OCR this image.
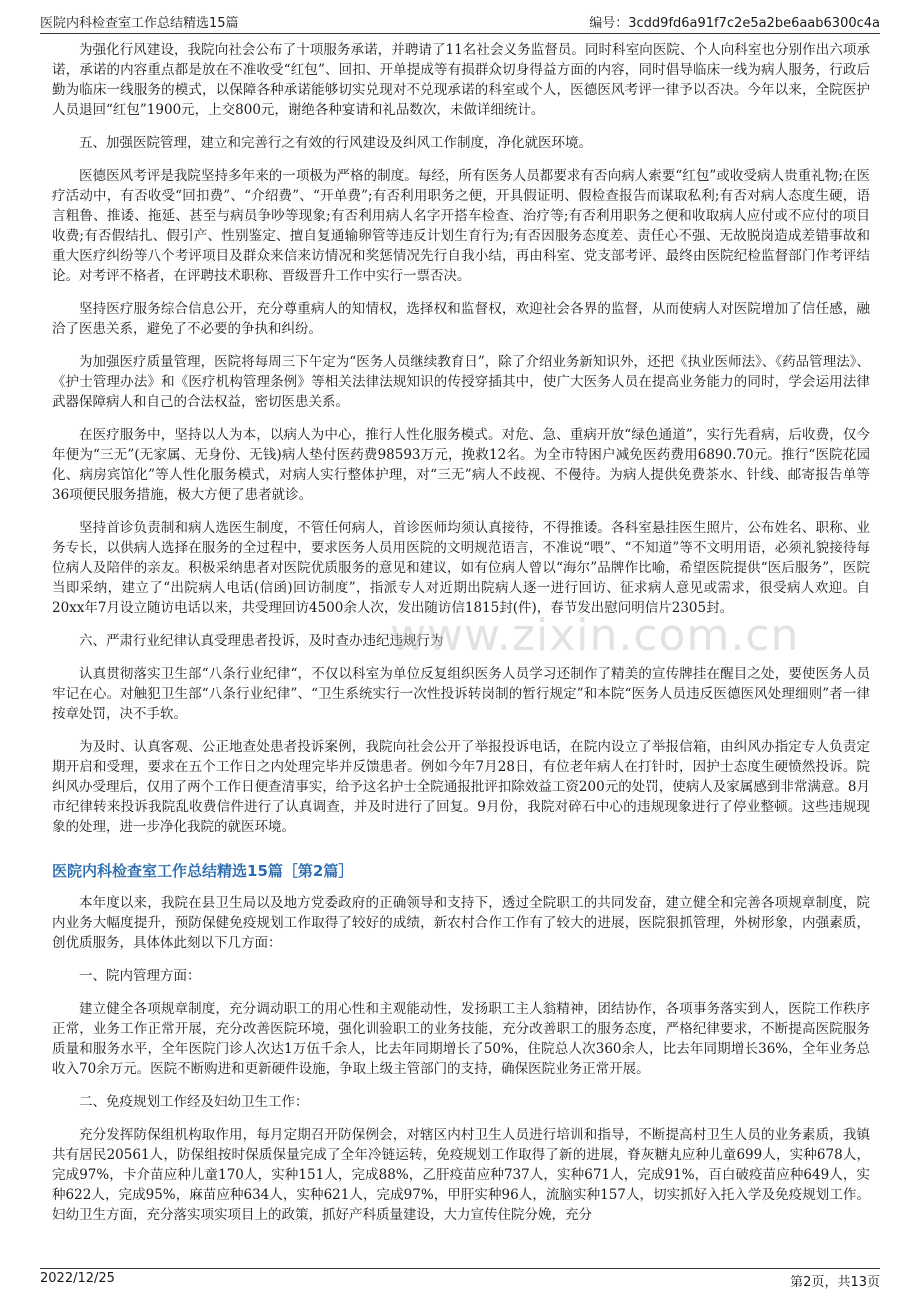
医院内科检查室工作总结精选15篇	编号：3cdd9fd6a91f7c2e5a2be6aab6300c4a

为强化行风建设，我院向社会公布了十项服务承诺，并聘请了11名社会义务监督员。同时科室向医院、个人向科室也分别作出六项承诺，承诺的内容重点都是放在不准收受“红包”、回扣、开单提成等有损群众切身得益方面的内容，同时倡导临床一线为病人服务，行政后勤为临床一线服务的模式，以保障各种承诺能够切实兑现对不兑现承诺的科室或个人，医德医风考评一律予以否决。今年以来，全院医护人员退回“红包”1900元，上交800元，谢绝各种宴请和礼品数次，未做详细统计。

五、加强医院管理，建立和完善行之有效的行风建设及纠风工作制度，净化就医环境。

医德医风考评是我院坚持多年来的一项极为严格的制度。每经，所有医务人员都要求有否向病人索要“红包”或收受病人贵重礼物;在医疗活动中，有否收受“回扣费”、“介绍费”、“开单费”;有否利用职务之便，开具假证明、假检查报告而谋取私利;有否对病人态度生硬，语言粗鲁、推诿、拖延、甚至与病员争吵等现象;有否利用病人名字开搭车检查、治疗等;有否利用职务之便和收取病人应付或不应付的项目收费;有否假结扎、假引产、性别鉴定、擅自复通输卵管等违反计划生育行为;有否因服务态度差、责任心不强、无故脱岗造成差错事故和重大医疗纠纷等八个考评项目及群众来信来访情况和奖惩情况先行自我小结，再由科室、党支部考评、最终由医院纪检监督部门作考评结论。对考评不格者，在评聘技术职称、晋级晋升工作中实行一票否决。

坚持医疗服务综合信息公开，充分尊重病人的知情权，选择权和监督权，欢迎社会各界的监督，从而使病人对医院增加了信任感，融洽了医患关系，避免了不必要的争执和纠纷。

为加强医疗质量管理，医院将每周三下午定为“医务人员继续教育日”，除了介绍业务新知识外，还把《执业医师法》、《药品管理法》、《护士管理办法》和《医疗机构管理条例》等相关法律法规知识的传授穿插其中，使广大医务人员在提高业务能力的同时，学会运用法律武器保障病人和自己的合法权益，密切医患关系。

在医疗服务中，坚持以人为本，以病人为中心，推行人性化服务模式。对危、急、重病开放“绿色通道”，实行先看病，后收费，仅今年便为“三无”(无家属、无身份、无钱)病人垫付医药费98593万元，挽救12名。为全市特困户减免医药费用6890.70元。推行“医院花园化、病房宾馆化”等人性化服务模式，对病人实行整体护理，对“三无”病人不歧视、不僈待。为病人提供免费茶水、针线、邮寄报告单等36项便民服务措施，极大方便了患者就诊。

坚持首诊负责制和病人选医生制度，不管任何病人，首诊医师均须认真接待，不得推诿。各科室悬挂医生照片，公布姓名、职称、业务专长，以供病人选择在服务的全过程中，要求医务人员用医院的文明规范语言，不准说“喂”、“不知道”等不文明用语，必须礼貌接待每位病人及陪伴的亲友。积极采纳患者对医院优质服务的意见和建议，如有位病人曾以“海尔”品牌作比喻，希望医院提供“医后服务”，医院当即采纳，建立了“出院病人电话(信函)回访制度”，指派专人对近期出院病人逐一进行回访、征求病人意见或需求，很受病人欢迎。自20xx年7月设立随访电话以来，共受理回访4500余人次，发出随访信1815封(件)，春节发出慰问明信片2305封。

六、严肃行业纪律认真受理患者投诉，及时查办违纪违规行为

认真贯彻落实卫生部“八条行业纪律“，不仅以科室为单位反复组织医务人员学习还制作了精美的宣传牌挂在醒目之处，要使医务人员牢记在心。对触犯卫生部“八条行业纪律”、“卫生系统实行一次性投诉转岗制的暂行规定”和本院“医务人员违反医德医风处理细则”者一律按章处罚，决不手软。

为及时、认真客观、公正地查处患者投诉案例，我院向社会公开了举报投诉电话，在院内设立了举报信箱，由纠风办指定专人负责定期开启和受理，要求在五个工作日之内处理完毕并反馈患者。例如今年7月28日，有位老年病人在打针时，因护士态度生硬愤然投诉。院纠风办受理后，仅用了两个工作日便查清事实，给予这名护士全院通报批评扣除效益工资200元的处罚，使病人及家属感到非常满意。8月市纪律转来投诉我院乱收费信件进行了认真调查，并及时进行了回复。9月份，我院对碎石中心的违规现象进行了停业整顿。这些违规现象的处理，进一步净化我院的就医环境。

医院内科检查室工作总结精选15篇［第2篇］

本年度以来，我院在县卫生局以及地方党委政府的正确领导和支持下，透过全院职工的共同发奋，建立健全和完善各项规章制度，院内业务大幅度提升，预防保健免疫规划工作取得了较好的成绩，新农村合作工作有了较大的进展，医院狠抓管理，外树形象，内强素质，创优质服务，具体体此刻以下几方面：

一、院内管理方面：

建立健全各项规章制度，充分调动职工的用心性和主观能动性，发扬职工主人翁精神，团结协作，各项事务落实到人，医院工作秩序正常，业务工作正常开展，充分改善医院环境，强化训验职工的业务技能，充分改善职工的服务态度，严格纪律要求，不断提高医院服务质量和服务水平，全年医院门诊人次达1万伍千余人，比去年同期增长了50%，住院总人次360余人，比去年同期增长36%，全年业务总收入70余万元。医院不断购进和更新硬件设施，争取上级主管部门的支持，确保医院业务正常开展。

二、免疫规划工作经及妇幼卫生工作：

充分发挥防保组机构取作用，每月定期召开防保例会，对辖区内村卫生人员进行培训和指导，不断提高村卫生人员的业务素质，我镇共有居民20561人，防保组按时保质保量完成了全年冷链运转，免疫规划工作取得了新的进展，脊灰糖丸应种儿童699人，实种678人，完成97%，卡介苗应种儿童170人，实种151人，完成88%，乙肝疫苗应种737人，实种671人，完成91%，百白破疫苗应种649人，实种622人，完成95%，麻苗应种634人，实种621人，完成97%，甲肝实种96人，流脑实种157人，切实抓好入托入学及免疫规划工作。妇幼卫生方面，充分落实项实项目上的政策，抓好产科质量建设，大力宣传住院分娩，充分

www.zixin.com.cn
2022/12/25	第2页，共13页
